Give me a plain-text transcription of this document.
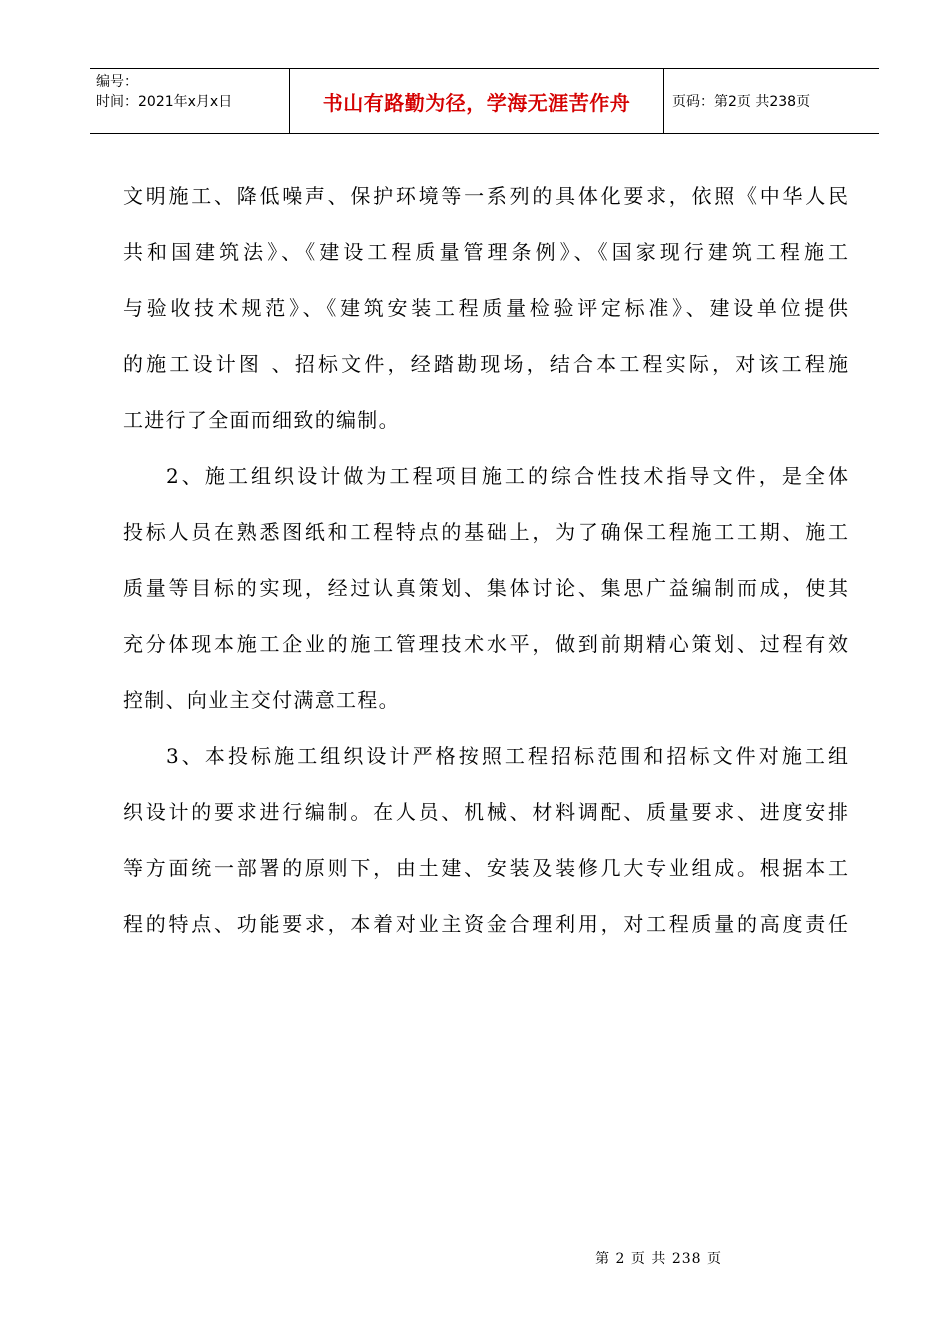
编号：
时间：2021年x月x日	书山有路勤为径，学海无涯苦作舟	页码：第2页 共238页
文明施工、降低噪声、保护环境等一系列的具体化要求，依照《中华人民
共和国建筑法》、《建设工程质量管理条例》、《国家现行建筑工程施工
与验收技术规范》、《建筑安装工程质量检验评定标准》、建设单位提供
的施工设计图 、招标文件，经踏勘现场，结合本工程实际，对该工程施
工进行了全面而细致的编制。
2、施工组织设计做为工程项目施工的综合性技术指导文件，是全体
投标人员在熟悉图纸和工程特点的基础上，为了确保工程施工工期、施工
质量等目标的实现，经过认真策划、集体讨论、集思广益编制而成，使其
充分体现本施工企业的施工管理技术水平，做到前期精心策划、过程有效
控制、向业主交付满意工程。
3、本投标施工组织设计严格按照工程招标范围和招标文件对施工组
织设计的要求进行编制。在人员、机械、材料调配、质量要求、进度安排
等方面统一部署的原则下，由土建、安装及装修几大专业组成。根据本工
程的特点、功能要求，本着对业主资金合理利用，对工程质量的高度责任
第 2 页 共 238 页
